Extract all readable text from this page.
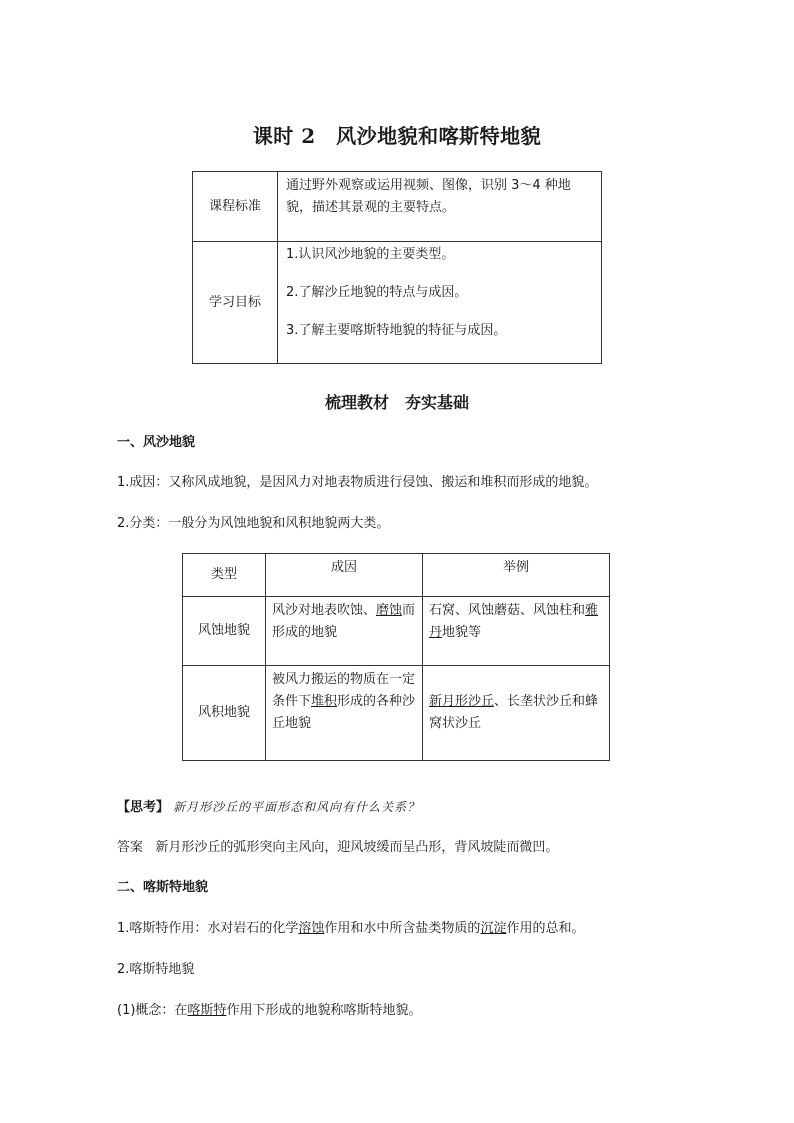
课时 2　风沙地貌和喀斯特地貌
课程标准	通过野外观察或运用视频、图像，识别 3～4 种地貌，描述其景观的主要特点。
学习目标	1.认识风沙地貌的主要类型。

2.了解沙丘地貌的特点与成因。

3.了解主要喀斯特地貌的特征与成因。

梳理教材　夯实基础
一、风沙地貌
1.成因：又称风成地貌，是因风力对地表物质进行侵蚀、搬运和堆积而形成的地貌。
2.分类：一般分为风蚀地貌和风积地貌两大类。
类型	成因	举例
风蚀地貌	风沙对地表吹蚀、磨蚀而形成的地貌	石窝、风蚀蘑菇、风蚀柱和雅丹地貌等
风积地貌	被风力搬运的物质在一定条件下堆积形成的各种沙丘地貌	新月形沙丘、长垄状沙丘和蜂窝状沙丘
【思考】 新月形沙丘的平面形态和风向有什么关系？
答案 新月形沙丘的弧形突向主风向，迎风坡缓而呈凸形，背风坡陡而微凹。
二、喀斯特地貌
1.喀斯特作用：水对岩石的化学溶蚀作用和水中所含盐类物质的沉淀作用的总和。
2.喀斯特地貌
(1)概念：在喀斯特作用下形成的地貌称喀斯特地貌。
